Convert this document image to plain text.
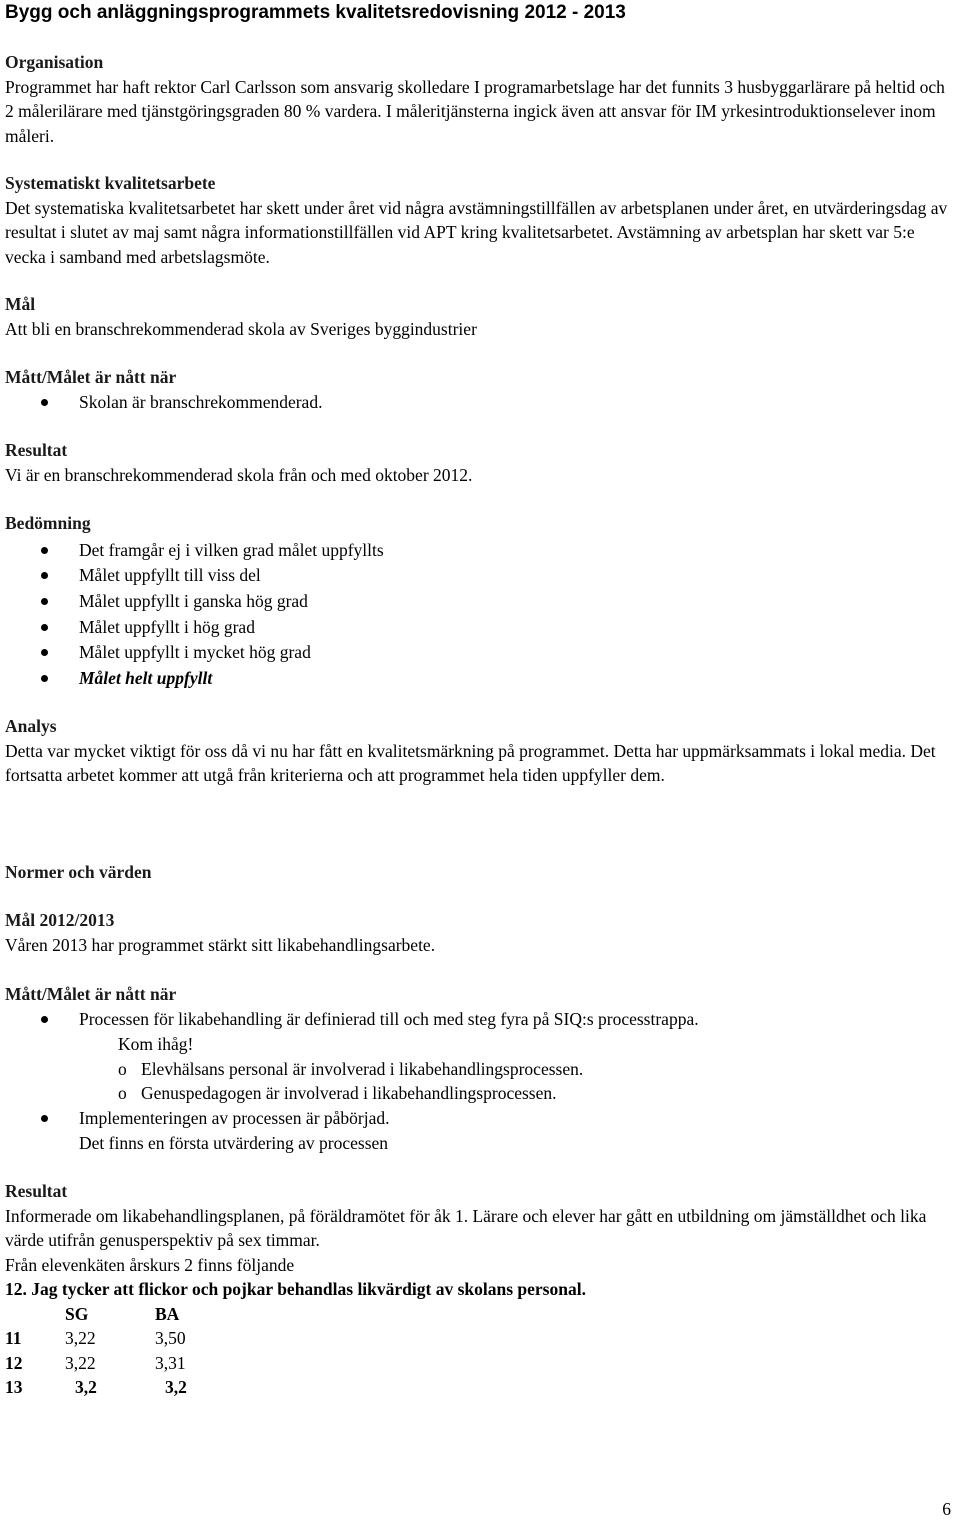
Bygg och anläggningsprogrammets kvalitetsredovisning 2012 - 2013
Organisation

Programmet har haft rektor Carl Carlsson som ansvarig skolledare I programarbetslage har det funnits 3 husbyggarlärare på heltid och 2 målerilärare med tjänstgöringsgraden 80 % vardera. I måleritjänsterna ingick även att ansvar för IM yrkesintroduktionselever inom måleri.

Systematiskt kvalitetsarbete

Det systematiska kvalitetsarbetet har skett under året vid några avstämningstillfällen av arbetsplanen under året, en utvärderingsdag av resultat i slutet av maj samt några informationstillfällen vid APT kring kvalitetsarbetet. Avstämning av arbetsplan har skett var 5:e vecka i samband med arbetslagsmöte.

Mål

Att bli en branschrekommenderad skola av Sveriges byggindustrier

Mått/Målet är nått när
Skolan är branschrekommenderad.
Resultat

Vi är en branschrekommenderad skola från och med oktober 2012.

Bedömning
Det framgår ej i vilken grad målet uppfyllts
Målet uppfyllt till viss del
Målet uppfyllt i ganska hög grad
Målet uppfyllt i hög grad
Målet uppfyllt i mycket hög grad
Målet helt uppfyllt
Analys

Detta var mycket viktigt för oss då vi nu har fått en kvalitetsmärkning på programmet. Detta har uppmärksammats i lokal media. Det fortsatta arbetet kommer att utgå från kriterierna och att programmet hela tiden uppfyller dem.

Normer och värden
Mål 2012/2013

Våren 2013 har programmet stärkt sitt likabehandlingsarbete.

Mått/Målet är nått när
Processen för likabehandling är definierad till och med steg fyra på SIQ:s processtrappa.
Kom ihåg!
o Elevhälsans personal är involverad i likabehandlingsprocessen.
o Genuspedagogen är involverad i likabehandlingsprocessen.
Implementeringen av processen är påbörjad.
Det finns en första utvärdering av processen
Resultat

Informerade om likabehandlingsplanen, på föräldramötet för åk 1. Lärare och elever har gått en utbildning om jämställdhet och lika värde utifrån genusperspektiv på sex timmar.

Från elevenkäten årskurs 2 finns följande

12. Jag tycker att flickor och pojkar behandlas likvärdigt av skolans personal.

	SG	BA
11	3,22	3,50
12	3,22	3,31
13	3,2	3,2
6
